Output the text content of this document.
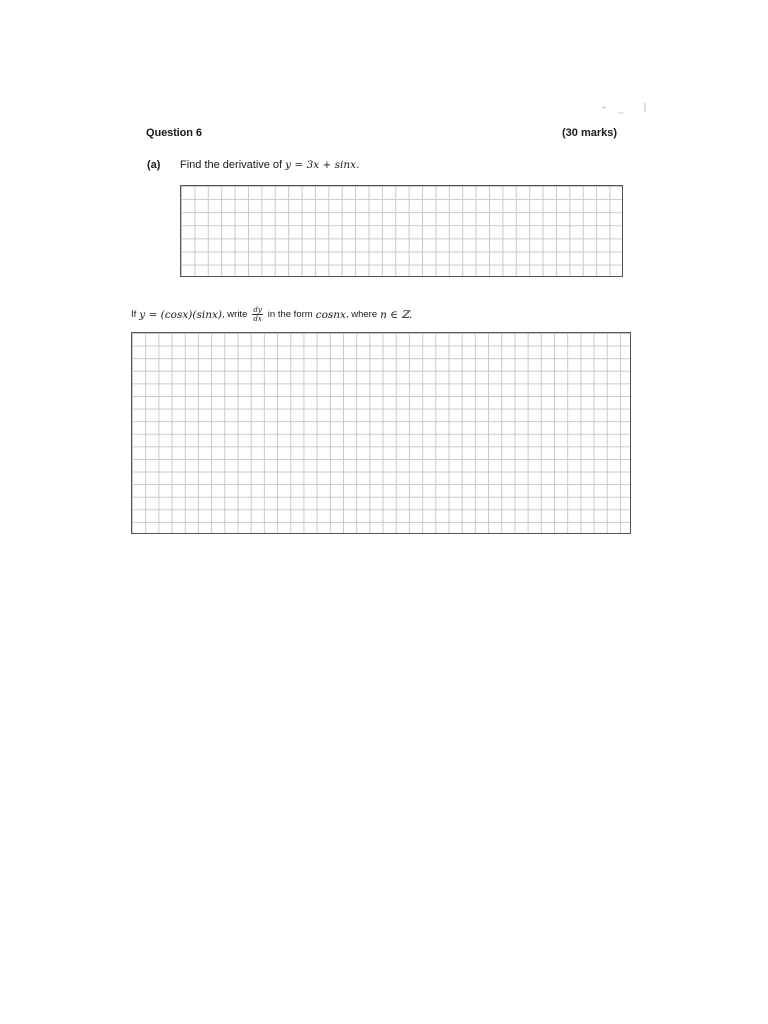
Question 6	(30 marks)
(a) Find the derivative of y = 3x + sinx.
If y = (cosx)(sinx) , write $\frac{dy}{dx}$ in the form cosnx , where n ∈ ℤ.
